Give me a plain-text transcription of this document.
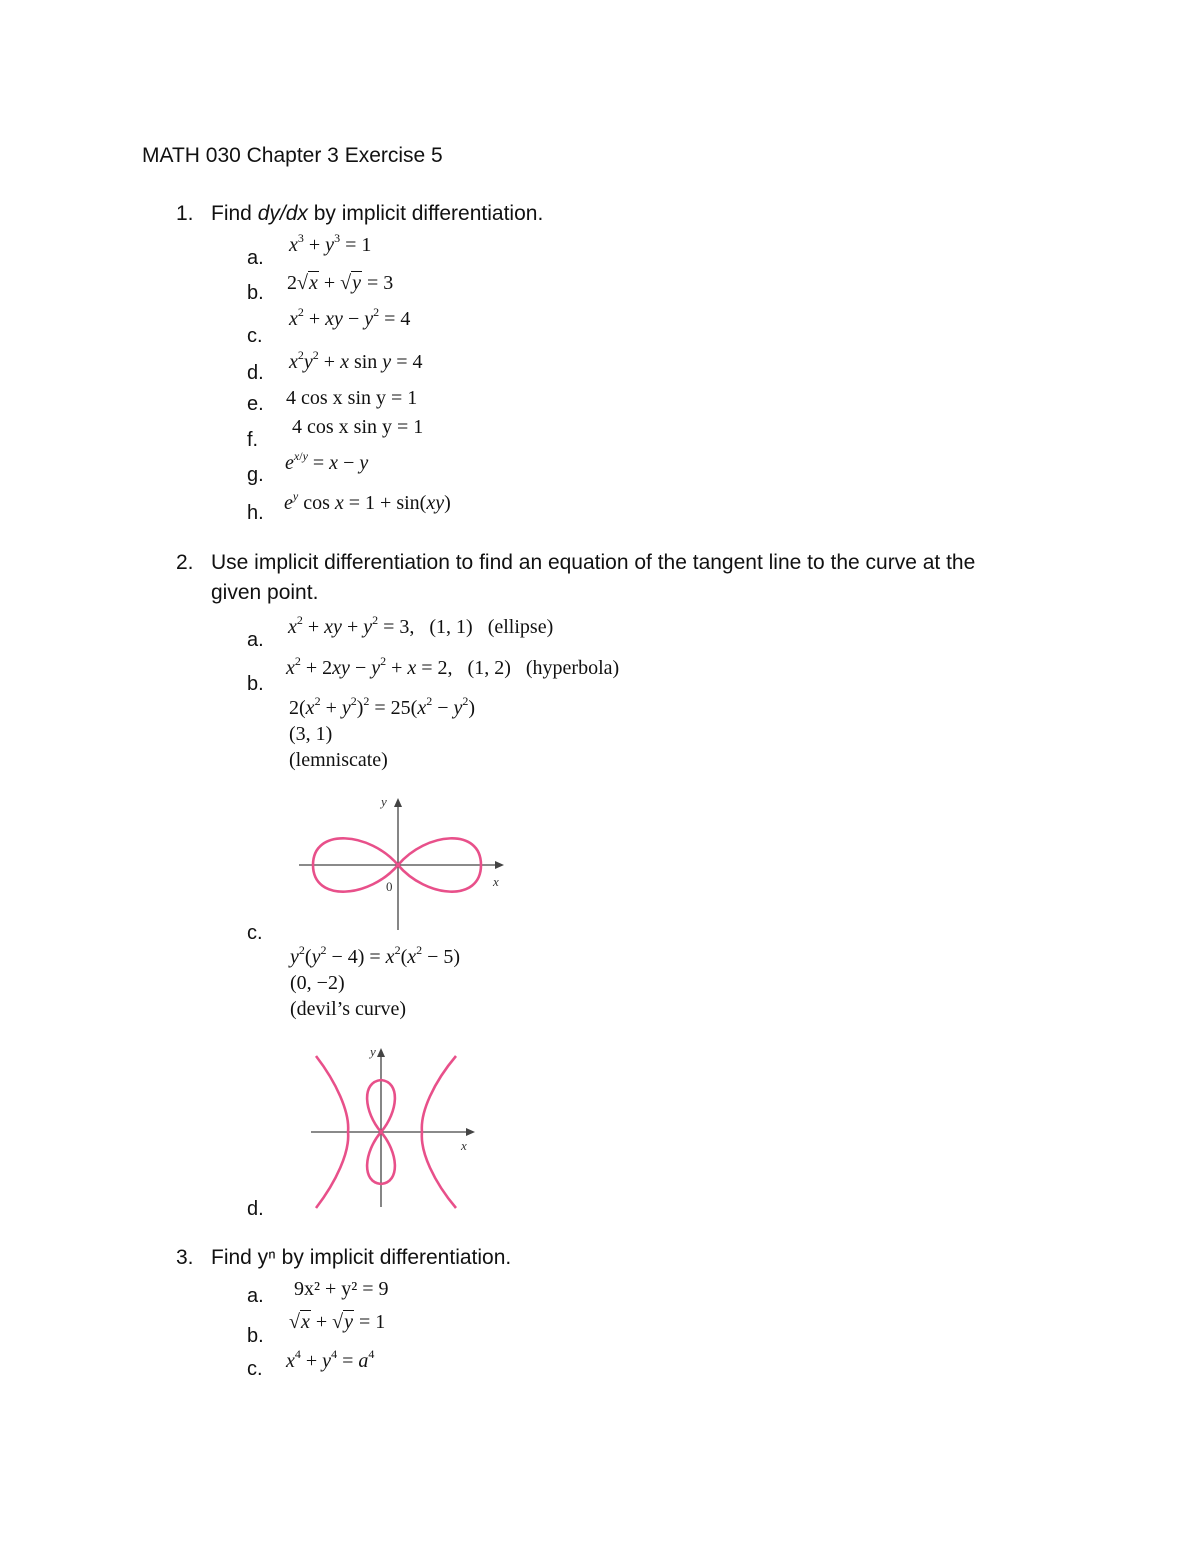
MATH 030 Chapter 3 Exercise 5
1. Find dy/dx by implicit differentiation.
a.
$x^3 + y^3 = 1$
b. 2√x + √y = 3
c.
$x^2$ + xy − $y^2 = 4$
d. $x^2y^2 + x$ sin y = 4
e. 4 cos x sin y = 1
f.
4 cos x sin y = 1
g.
$e^{x/y} = x - y$
h. $e^y$ cos x = 1 + sin(xy)
2. Use implicit differentiation to find an equation of the tangent line to the curve at the
given point.
a.
$x^2$ + xy + $y^2 = 3$,   (1, 1)   (ellipse)
b.
$x^2 + 2xy - y^2 + x = 2$,   (1, 2)   (hyperbola)
$2(x^2 + y^2)^2 = 25(x^2 - y^2)$
(3, 1)
(lemniscate)
y
x
0
c.
$y^2(y^2 - 4) = x^2(x^2 - 5)$
(0, −2)
(devil’s curve)
y
x
d.
3. Find yⁿ by implicit differentiation.
a. 9x² + y² = 9
b.
√x + √y = 1
c. $x^4 + y^4 = a^4$
